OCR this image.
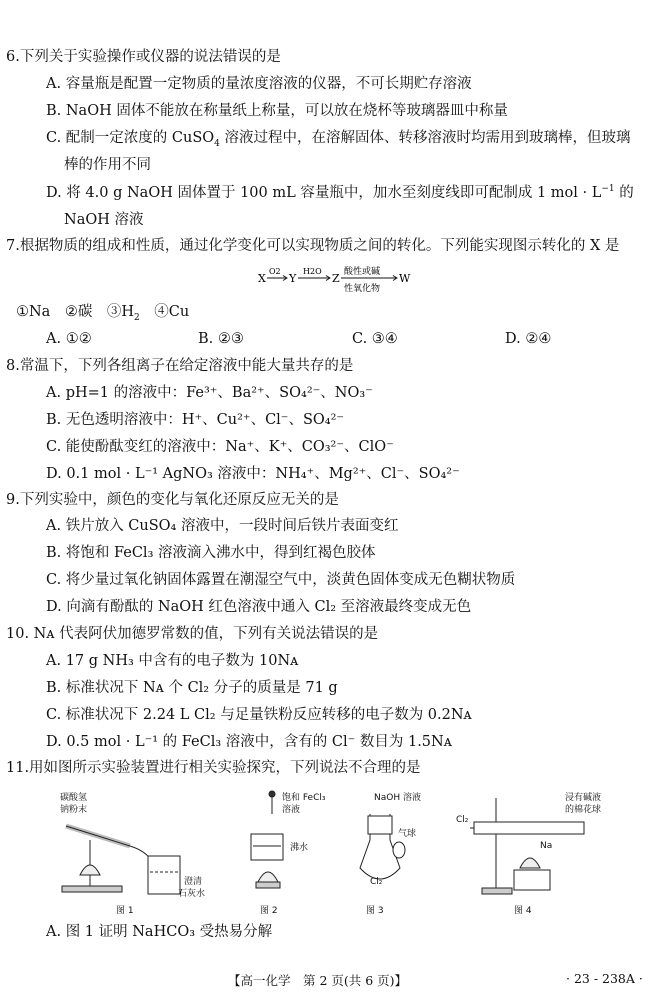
6.下列关于实验操作或仪器的说法错误的是
A. 容量瓶是配置一定物质的量浓度溶液的仪器，不可长期贮存溶液
B. NaOH 固体不能放在称量纸上称量，可以放在烧杯等玻璃器皿中称量
C. 配制一定浓度的 CuSO$_4$ 溶液过程中，在溶解固体、转移溶液时均需用到玻璃棒，但玻璃
棒的作用不同
D. 将 4.0 g NaOH 固体置于 100 mL 容量瓶中，加水至刻度线即可配制成 1 mol · $L^{-1}$ 的
NaOH 溶液
7.根据物质的组成和性质，通过化学变化可以实现物质之间的转化。下列能实现图示转化的 X 是
X
O2
Y
H2O
Z 酸性或碱
性氧化物
W
①Na　②碳　$③H_2$　④Cu
A. ①②	B. ②③	C. ③④	D. ②④
8.常温下，下列各组离子在给定溶液中能大量共存的是
A. pH=1 的溶液中：Fe³⁺、Ba²⁺、SO₄²⁻、NO₃⁻
B. 无色透明溶液中：H⁺、Cu²⁺、Cl⁻、SO₄²⁻
C. 能使酚酞变红的溶液中：Na⁺、K⁺、CO₃²⁻、ClO⁻
D. 0.1 mol · L⁻¹ AgNO₃ 溶液中：NH₄⁺、Mg²⁺、Cl⁻、SO₄²⁻
9.下列实验中，颜色的变化与氧化还原反应无关的是
A. 铁片放入 CuSO₄ 溶液中，一段时间后铁片表面变红
B. 将饱和 FeCl₃ 溶液滴入沸水中，得到红褐色胶体
C. 将少量过氧化钠固体露置在潮湿空气中，淡黄色固体变成无色糊状物质
D. 向滴有酚酞的 NaOH 红色溶液中通入 Cl₂ 至溶液最终变成无色
10. Nᴀ 代表阿伏加德罗常数的值，下列有关说法错误的是
A. 17 g NH₃ 中含有的电子数为 10Nᴀ
B. 标准状况下 Nᴀ 个 Cl₂ 分子的质量是 71 g
C. 标准状况下 2.24 L Cl₂ 与足量铁粉反应转移的电子数为 0.2Nᴀ
D. 0.5 mol · L⁻¹ 的 FeCl₃ 溶液中，含有的 Cl⁻ 数目为 1.5Nᴀ
11.用如图所示实验装置进行相关实验探究，下列说法不合理的是
碳酸氢
钠粉末
澄清
石灰水
图 1
饱和 FeCl₃
溶液
沸水
图 2
NaOH 溶液
气球
Cl₂
图 3
浸有碱液
的棉花球
Cl₂
Na
图 4
A. 图 1 证明 NaHCO₃ 受热易分解
【高一化学　第 2 页(共 6 页)】	· 23 - 238A ·
